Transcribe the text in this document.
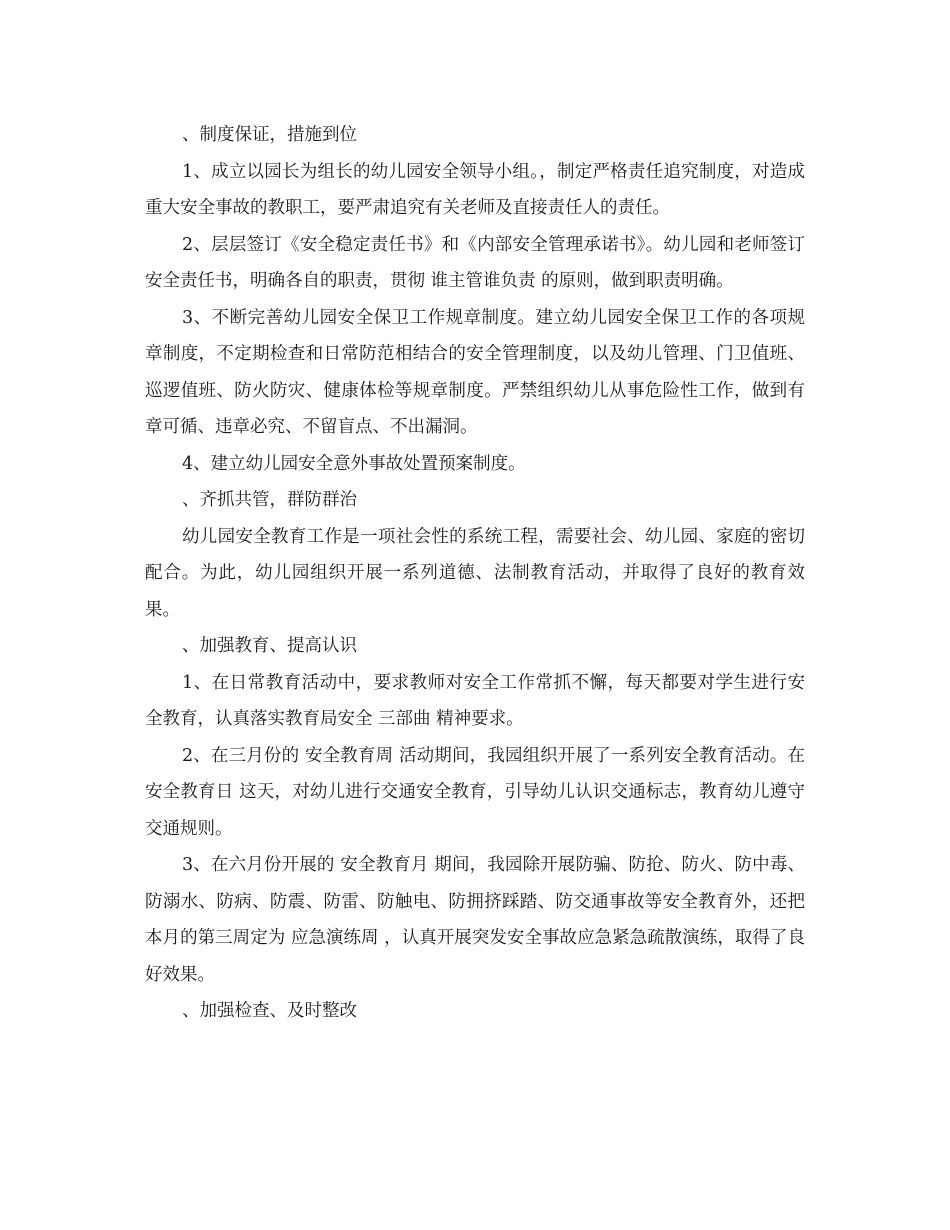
、制度保证，措施到位

1、成立以园长为组长的幼儿园安全领导小组。，制定严格责任追究制度，对造成重大安全事故的教职工，要严肃追究有关老师及直接责任人的责任。

2、层层签订《安全稳定责任书》和《内部安全管理承诺书》。幼儿园和老师签订安全责任书，明确各自的职责，贯彻 谁主管谁负责 的原则，做到职责明确。

3、不断完善幼儿园安全保卫工作规章制度。建立幼儿园安全保卫工作的各项规章制度，不定期检查和日常防范相结合的安全管理制度，以及幼儿管理、门卫值班、巡逻值班、防火防灾、健康体检等规章制度。严禁组织幼儿从事危险性工作，做到有章可循、违章必究、不留盲点、不出漏洞。

4、建立幼儿园安全意外事故处置预案制度。

、齐抓共管，群防群治

幼儿园安全教育工作是一项社会性的系统工程，需要社会、幼儿园、家庭的密切配合。为此，幼儿园组织开展一系列道德、法制教育活动，并取得了良好的教育效果。

、加强教育、提高认识

1、在日常教育活动中，要求教师对安全工作常抓不懈，每天都要对学生进行安全教育，认真落实教育局安全 三部曲 精神要求。

2、在三月份的 安全教育周 活动期间，我园组织开展了一系列安全教育活动。在 安全教育日 这天，对幼儿进行交通安全教育，引导幼儿认识交通标志，教育幼儿遵守交通规则。

3、在六月份开展的 安全教育月 期间，我园除开展防骗、防抢、防火、防中毒、防溺水、防病、防震、防雷、防触电、防拥挤踩踏、防交通事故等安全教育外，还把本月的第三周定为 应急演练周 ，认真开展突发安全事故应急紧急疏散演练，取得了良好效果。

、加强检查、及时整改
